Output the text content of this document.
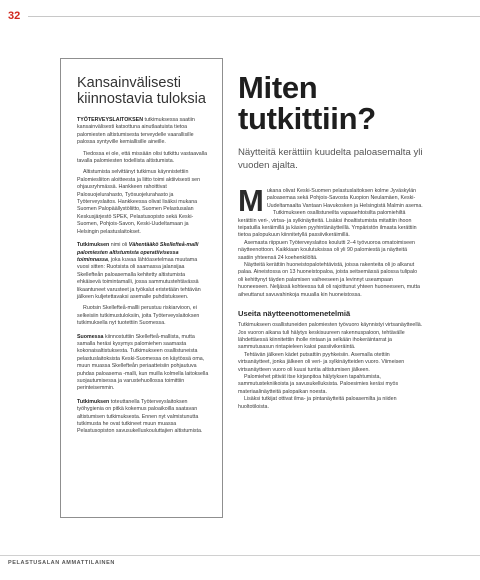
32
Kansainvälisesti kiinnostavia tuloksia

TYÖTERVEYSLAITOKSEN tutkimuksessa saatiin kansainvälisesti katsottuna ainutlaatuista tietoa palomiesten altistumisesta terveydelle vaarallisille palossa syntyville kemiallisille aineille.

Tiedossa ei ole, että missään olisi tutkittu vastaavalla tavalla palomiesten todellista altistumista.

Altistumista selvittänyt tutkimus käynnistettiin Palomiesliiton aloitteesta ja liitto toimi aktiivisesti sen ohjausryhmässä. Hankkeen rahoittivat Palosuojelurahasto, Työsuojelurahasto ja Työterveyslaitos. Hankkeessa olivat lisäksi mukana Suomen Palopäällystöliitto, Suomen Pelastusalan Keskusjärjestö SPEK, Pelastusopisto sekä Keski-Suomen, Pohjois-Savon, Keski-Uudeltamaan ja Helsingin pelastuslaitokset.

Tutkimuksen nimi oli Vähentääkö Skellefteå-malli palomiesten altistumista operatiivisessa toiminnassa, joka kuvaa lähtöasetelmaa muutama vuosi sitten: Ruotsista oli saamassa jalansijaa Skellefteån paloasemalla kehitetty altistumista ehkäisevä toimintamalli, jossa sammutustehtävässä likaantuneet varusteet ja työkalut eristetään tehtävän jälkeen kuljetettavaksi asemalle puhdistukseen.

Ruotsin Skellefteå-mallli perustuu riskiarvioon, ei selkeisiin tutkimustuloksiin, joita Työterveyslaitoksen tutkimuksella nyt tuotettiin Suomessa.

Suomessa kiinnostuttiin Skellefteå-mallista, mutta samalla heräsi kysymys palomiehen saamasta kokonaisaltistuksesta. Tutkimukseen osallistuneista pelastuslaitoksista Keski-Suomessa on käytössä oma, muun muassa Skellefteån periaatteisiin pohjautuva puhdas paloasema -malli, kun muilla kolmella laitoksella suojautumisessa ja varustehuollossa toimittiin perinteisemmin.

Tutkimuksen toteuttanella Työterveyslaitoksen työhygienia on pitkä kokemus paloaikoilla saatavan altistumisen tutkimuksesta. Ennen nyt valmistunutta tutkimusta he ovat tutkineet muun muassa Pelastusopiston savusukelluskouluttajien altistumista.

Miten
tutkittiin?

Näytteitä kerättiin kuudelta paloasemalta yli vuoden ajalta.

Mukana olivat Keski-Suomen pelastuslaitoksen kolme Jyväskylän paloasemaa sekä Pohjois-Savosta Kuopion Neulamäen, Keski-Uudeltamaalta Vantaan Havukosken ja Helsingistä Malmin asema.

Tutkimukseen osallistuneilta vapaaehtoisilta palomiehiltä kerättiin veri-, virtsa- ja sylkinäytteitä. Lisäksi ihoaltistumista mitattiin ihoon teipatuilla keräimillä ja käsien pyyhintänäytteillä. Ympäristön ilmasta kerättiin tietoa palopukuun kiinnitetyllä passiivikeräimillä.

Asemasta riippuen Työterveyslaitos koulutti 2–4 työvuoroa omatoimiseen näytteenottoon. Kaikkiaan koulutuksissa oli yli 90 palomiestä ja näytteitä saatiin yhteensä 24 koehenkilöltä.

Näytteitä kerättiin huoneistopalotehtävistä, joissa rakenteita oli jo alkanut palaa. Aineistossa on 13 huoneistopaloa, joista seitsemässä palossa tulipalo oli kehittynyt täyden palamisen vaiheeseen ja levinnyt useampaan huoneeseen. Neljässä kohteessa tuli oli rajoittunut yhteen huoneeseen, mutta aiheuttanut savuvahinkoja muualla kin huoneistossa.

Useita näytteenottomenetelmiä

Tutkimukseen osallistuneiden palomiesten työvuoro käynnistyi virtsanäytteellä. Jos vuoron aikana tuli hälytys keskisuureen rakennuspaloon, tehtävälle lähdettäessä kiinnitettiin iholle rintaan ja selkään ihokeräintarrat ja sammutusasun rintapieleen kaksi passiivikeräintä.

Tehtävän jälkeen kädet putsattiin pyyhkeisiin. Asemalla otettiin virtsanäytteet, jonka jälkeen oli veri- ja sylkinäytteiden vuoro. Viimeisen virtsanäytteen vuoro oli kuusi tuntia altistumisen jälkeen.

Palomiehet pitivät itse kirjanpitoa hälytyksen tapahtumista, sammutustekniikoista ja savusukelluksista. Paloesimies keräsi myös materiaalinäytteitä palopaikan noesta.

Lisäksi tutkijat ottivat ilma- ja pintanäytteitä paloasemilta ja niiden huoltotiloista.

PELASTUSALAN AMMATTILAINEN
